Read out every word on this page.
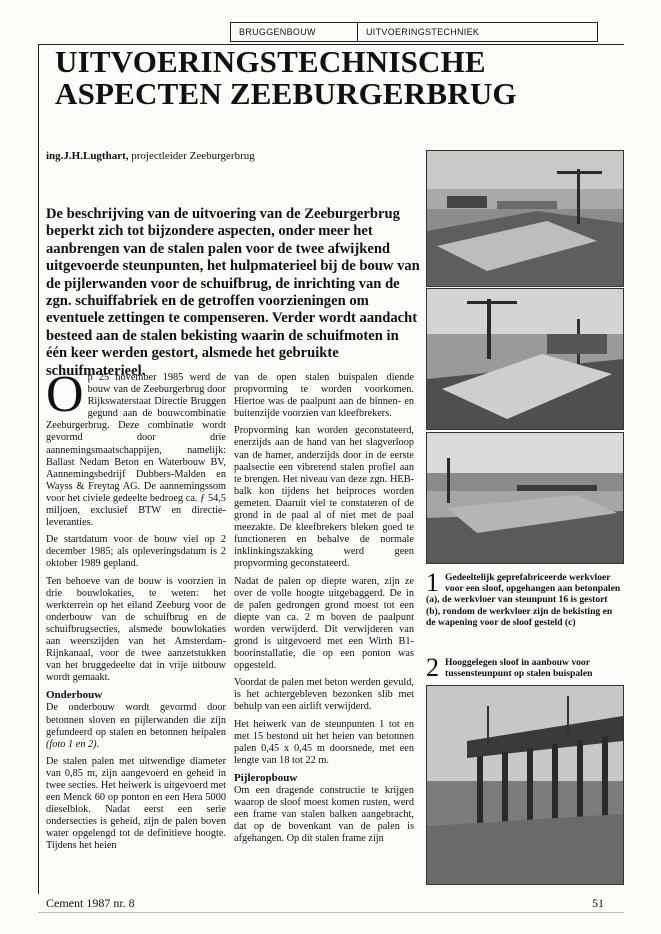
BRUGGENBOUW	UITVOERINGSTECHNIEK
UITVOERINGSTECHNISCHE
ASPECTEN ZEEBURGERBRUG
ing.J.H.Lugthart, projectleider Zeeburgerbrug
De beschrijving van de uitvoering van de Zeeburgerbrug beperkt zich tot bijzondere aspecten, onder meer het aanbrengen van de stalen palen voor de twee afwijkend uitgevoerde steunpunten, het hulpmaterieel bij de bouw van de pijlerwanden voor de schuifbrug, de inrichting van de zgn. schuiffabriek en de getroffen voorzieningen om eventuele zettingen te compenseren. Verder wordt aandacht besteed aan de stalen bekisting waarin de schuifmoten in één keer werden gestort, alsmede het gebruikte schuifmaterieel.

Op 25 november 1985 werd de bouw van de Zeeburgerbrug door Rijkswaterstaat Directie Bruggen gegund aan de bouwcombinatie Zeeburgerbrug. Deze combinatie wordt gevormd door drie aannemingsmaatschappijen, namelijk: Ballast Nedam Beton en Waterbouw BV, Aannemingsbedrijf Dubbers-Malden en Wayss & Freytag AG. De aannemingssom voor het civiele gedeelte bedroeg ca. ƒ 54,5 miljoen, exclusief BTW en directie-leveranties.

De startdatum voor de bouw viel op 2 december 1985; als opleveringsdatum is 2 oktober 1989 gepland.

Ten behoeve van de bouw is voorzien in drie bouwlokaties, te weten: het werkterrein op het eiland Zeeburg voor de onderbouw van de schuifbrug en de schuifbrugsecties, alsmede bouwlokaties aan weerszijden van het Amsterdam-Rijnkanaal, voor de twee aanzetstukken van het bruggedeelte dat in vrije uitbouw wordt gemaakt.

Onderbouw

De onderbouw wordt gevormd door betonnen sloven en pijlerwanden die zijn gefundeerd op stalen en betonnen heipalen (foto 1 en 2).

De stalen palen met uitwendige diameter van 0,85 m, zijn aangevoerd en geheid in twee secties. Het heiwerk is uitgevoerd met een Menck 60 op ponton en een Hera 5000 dieselblok. Nadat eerst een serie ondersecties is geheid, zijn de palen boven water opgelengd tot de definitieve hoogte. Tijdens het heien

van de open stalen buispalen diende propvorming te worden voorkomen. Hiertoe was de paalpunt aan de binnen- en buitenzijde voorzien van kleefbrekers.

Propvorming kan worden geconstateerd, enerzijds aan de hand van het slagverloop van de hamer, anderzijds door in de eerste paalsectie een vibrerend stalen profiel aan te brengen. Het niveau van deze zgn. HEB-balk kon tijdens het heiproces worden gemeten. Daaruit viel te constateren of de grond in de paal al of niet met de paal meezakte. De kleefbrekers bleken goed te functioneren en behalve de normale inklinkingszakking werd geen propvorming geconstateerd.

Nadat de palen op diepte waren, zijn ze over de volle hoogte uitgebaggerd. De in de palen gedrongen grond moest tot een diepte van ca. 2 m boven de paalpunt worden verwijderd. Dit verwijderen van grond is uitgevoerd met een Wirth B1-boorinstallatie, die op een ponton was opgesteld.

Voordat de palen met beton werden gevuld, is het achtergebleven bezonken slib met behulp van een airlift verwijderd.

Het heiwerk van de steunpunten 1 tot en met 15 bestond uit het heien van betonnen palen 0,45 x 0,45 m doorsnede, met een lengte van 18 tot 22 m.

Pijleropbouw

Om een dragende constructie te krijgen waarop de sloof moest komen rusten, werd een frame van stalen balken aangebracht, dat op de bovenkant van de palen is afgehangen. Op dit stalen frame zijn

1 Gedeeltelijk geprefabriceerde werkvloer voor een sloof, opgehangen aan betonpalen (a), de werkvloer van steunpunt 16 is gestort (b), rondom de werkvloer zijn de bekisting en de wapening voor de sloof gesteld (c)
2 Hooggelegen sloof in aanbouw voor tussensteunpunt op stalen buispalen
Cement 1987 nr. 8	51
